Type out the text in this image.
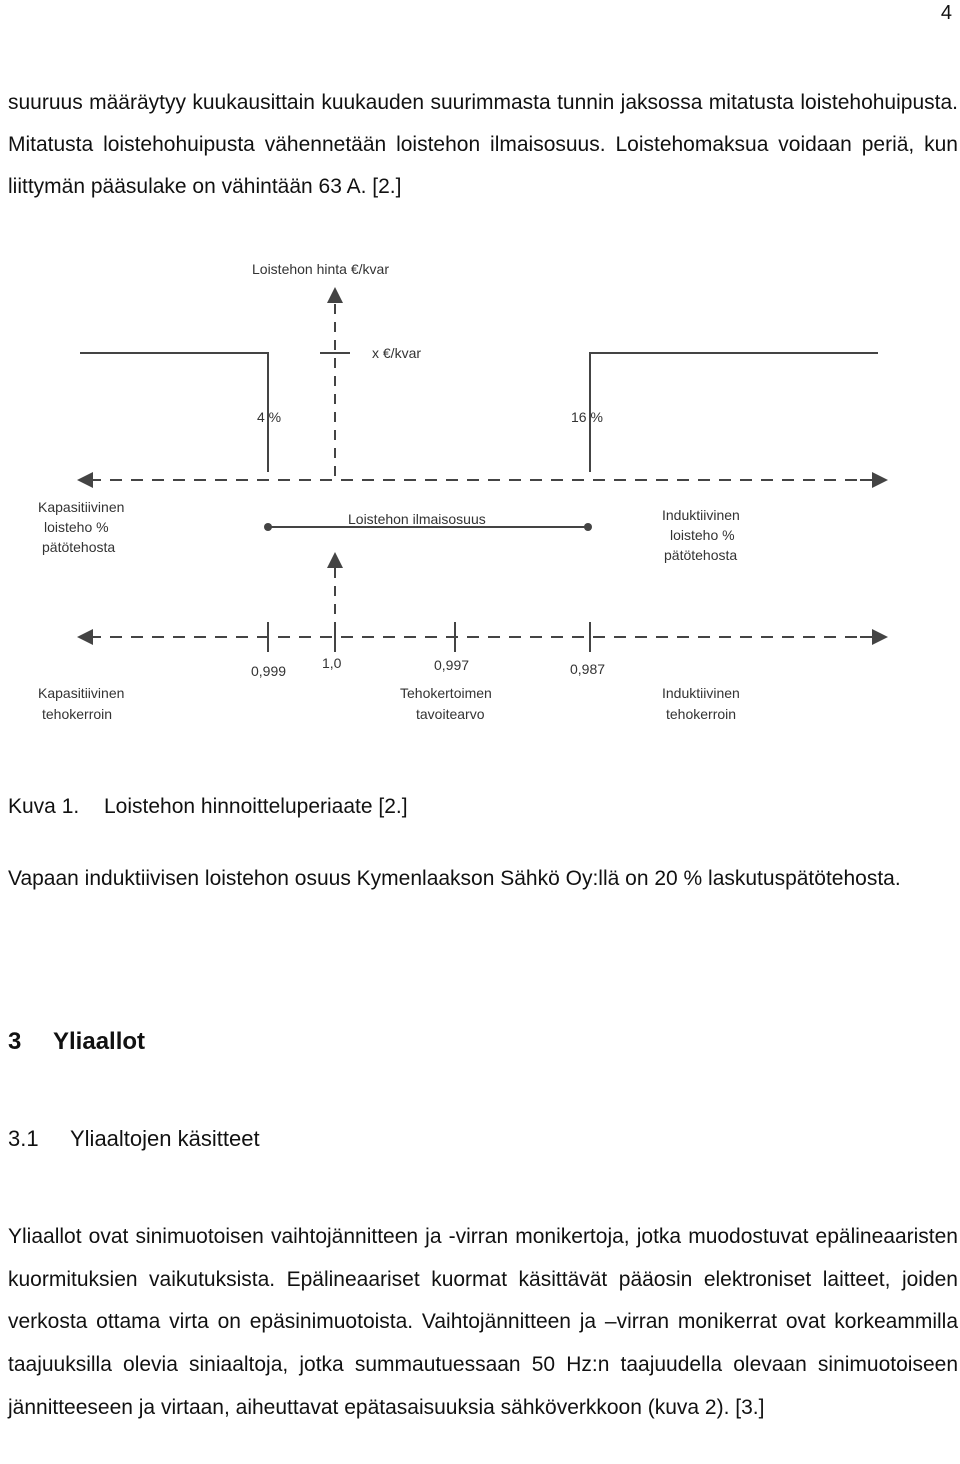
4

suuruus määräytyy kuukausittain kuukauden suurimmasta tunnin jaksossa mitatusta loistehohuipusta. Mitatusta loistehohuipusta vähennetään loistehon ilmaisosuus. Loistehomaksua voidaan periä, kun liittymän pääsulake on vähintään 63 A. [2.]

Loistehon hinta €/kvar
x €/kvar
4 %	16 %
Kapasitiivinen
loisteho %
pätötehosta
Induktiivinen
loisteho %
pätötehosta
Loistehon ilmaisosuus
0,999	1,0	0,997	0,987
Tehokertoimen
tavoitearvo
Kapasitiivinen
tehokerroin
Induktiivinen
tehokerroin
Kuva 1. Loistehon hinnoitteluperiaate [2.]

Vapaan induktiivisen loistehon osuus Kymenlaakson Sähkö Oy:llä on 20 % laskutuspätötehosta.

3 Yliaallot
3.1 Yliaaltojen käsitteet

Yliaallot ovat sinimuotoisen vaihtojännitteen ja -virran monikertoja, jotka muodostuvat epälineaaristen kuormituksien vaikutuksista. Epälineaariset kuormat käsittävät pääosin elektroniset laitteet, joiden verkosta ottama virta on epäsinimuotoista. Vaihtojännitteen ja –virran monikerrat ovat korkeammilla taajuuksilla olevia siniaaltoja, jotka summautuessaan 50 Hz:n taajuudella olevaan sinimuotoiseen jännitteeseen ja virtaan, aiheuttavat epätasaisuuksia sähköverkkoon (kuva 2). [3.]
